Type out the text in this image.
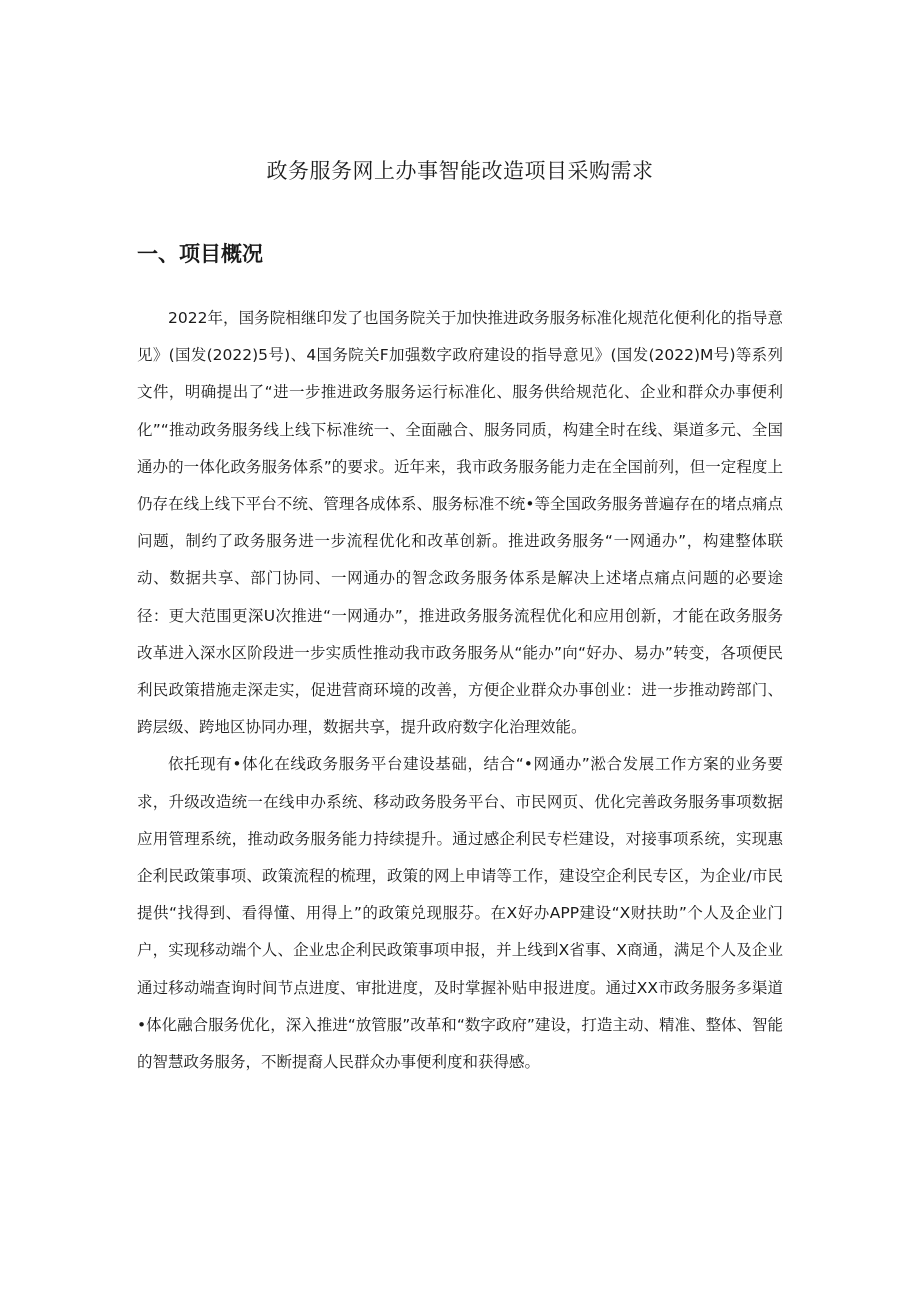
政务服务网上办事智能改造项目采购需求
一、项目概况

2022年，国务院相继印发了也国务院关于加快推进政务服务标准化规范化便利化的指导意见》(国发(2022)5号)、4国务院关F加强数字政府建设的指导意见》(国发(2022)M号)等系列文件，明确提出了“进一步推进政务服务运行标准化、服务供给规范化、企业和群众办事便利化”“推动政务服务线上线下标准统一、全面融合、服务同质，构建全时在线、渠道多元、全国通办的一体化政务服务体系”的要求。近年来，我市政务服务能力走在全国前列，但一定程度上仍存在线上线下平台不统、管理各成体系、服务标准不统•等全国政务服务普遍存在的堵点痛点问题，制约了政务服务进一步流程优化和改革创新。推进政务服务“一网通办”，构建整体联动、数据共享、部门协同、一网通办的智念政务服务体系是解决上述堵点痛点问题的必要途径：更大范围更深U次推进“一网通办”，推进政务服务流程优化和应用创新，才能在政务服务改革进入深水区阶段进一步实质性推动我市政务服务从“能办”向“好办、易办”转变，各项便民利民政策措施走深走实，促进营商环境的改善，方便企业群众办事创业：进一步推动跨部门、跨层级、跨地区协同办理，数据共享，提升政府数字化治理效能。

依托现有•体化在线政务服务平台建设基础，结合“•网通办”淞合发展工作方案的业务要求，升级改造统一在线申办系统、移动政务股务平台、市民网页、优化完善政务服务事项数据应用管理系统，推动政务服务能力持续提升。通过感企利民专栏建设，对接事项系统，实现惠企利民政策事项、政策流程的梳理，政策的网上申请等工作，建设空企利民专区，为企业/市民提供“找得到、看得懂、用得上”的政策兑现服芬。在X好办APP建设“X财扶助”个人及企业门户，实现移动端个人、企业忠企利民政策事项申报，并上线到X省事、X商通，满足个人及企业通过移动端查询时间节点进度、审批进度，及时掌握补贴申报进度。通过XX市政务服务多渠道•体化融合服务优化，深入推进“放管服”改革和“数字政府”建设，打造主动、精准、整体、智能的智慧政务服务，不断提裔人民群众办事便利度和获得感。
